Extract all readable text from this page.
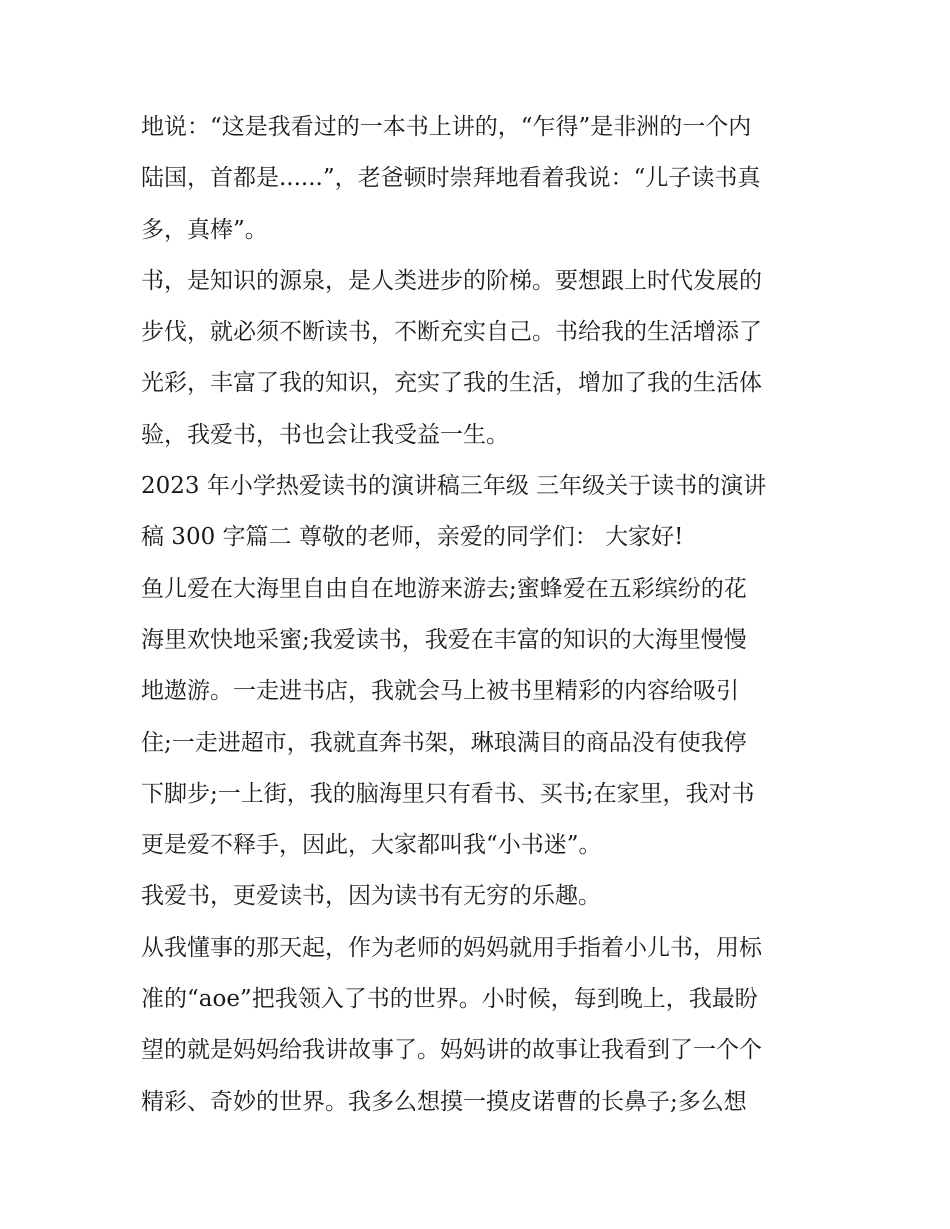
地说：“这是我看过的一本书上讲的，“乍得”是非洲的一个内
陆国，首都是......”，老爸顿时崇拜地看着我说：“儿子读书真
多，真棒”。

书，是知识的源泉，是人类进步的阶梯。要想跟上时代发展的
步伐，就必须不断读书，不断充实自己。书给我的生活增添了
光彩，丰富了我的知识，充实了我的生活，增加了我的生活体
验，我爱书，书也会让我受益一生。

2023 年小学热爱读书的演讲稿三年级 三年级关于读书的演讲
稿 300 字篇二 尊敬的老师，亲爱的同学们： 大家好!

鱼儿爱在大海里自由自在地游来游去;蜜蜂爱在五彩缤纷的花
海里欢快地采蜜;我爱读书，我爱在丰富的知识的大海里慢慢
地遨游。一走进书店，我就会马上被书里精彩的内容给吸引
住;一走进超市，我就直奔书架，琳琅满目的商品没有使我停
下脚步;一上街，我的脑海里只有看书、买书;在家里，我对书
更是爱不释手，因此，大家都叫我“小书迷”。

我爱书，更爱读书，因为读书有无穷的乐趣。

从我懂事的那天起，作为老师的妈妈就用手指着小儿书，用标
准的“aoe”把我领入了书的世界。小时候，每到晚上，我最盼
望的就是妈妈给我讲故事了。妈妈讲的故事让我看到了一个个
精彩、奇妙的世界。我多么想摸一摸皮诺曹的长鼻子;多么想
